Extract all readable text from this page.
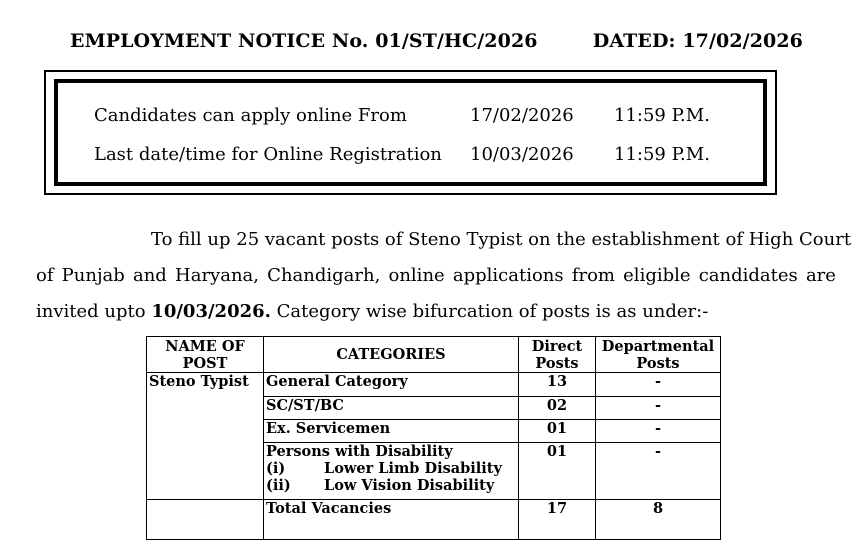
EMPLOYMENT NOTICE No. 01/ST/HC/2026	DATED: 17/02/2026
Candidates can apply online From	17/02/2026 11:59 P.M.
Last date/time for Online Registration 10/03/2026 11:59 P.M.
To fill up 25 vacant posts of Steno Typist on the establishment of High Court
of Punjab and Haryana, Chandigarh, online applications from eligible candidates are
invited upto 10/03/2026. Category wise bifurcation of posts is as under:-
NAME OF POST	CATEGORIES	Direct Posts	Departmental Posts
Steno Typist	General Category	13	-
	SC/ST/BC	02	-
	Ex. Servicemen	01	-

	Persons with Disability
(i) Lower Limb Disability
(ii) Low Vision Disability	01	-
	Total Vacancies	17	8
